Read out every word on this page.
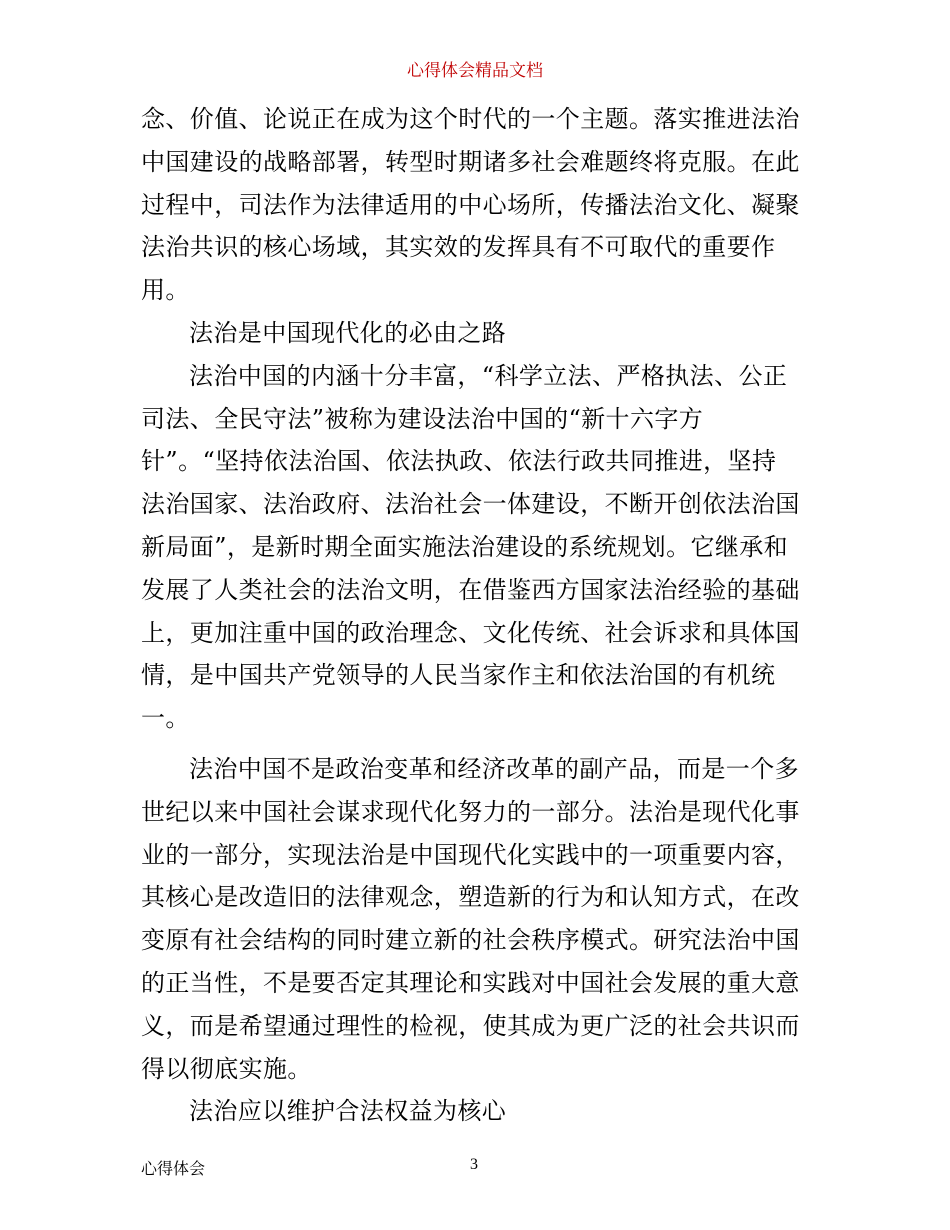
心得体会精品文档
念、价值、论说正在成为这个时代的一个主题。落实推进法治
中国建设的战略部署，转型时期诸多社会难题终将克服。在此
过程中，司法作为法律适用的中心场所，传播法治文化、凝聚
法治共识的核心场域，其实效的发挥具有不可取代的重要作
用。
法治是中国现代化的必由之路
法治中国的内涵十分丰富，“科学立法、严格执法、公正
司法、全民守法”被称为建设法治中国的“新十六字方
针”。“坚持依法治国、依法执政、依法行政共同推进，坚持
法治国家、法治政府、法治社会一体建设，不断开创依法治国
新局面”，是新时期全面实施法治建设的系统规划。它继承和
发展了人类社会的法治文明，在借鉴西方国家法治经验的基础
上，更加注重中国的政治理念、文化传统、社会诉求和具体国
情，是中国共产党领导的人民当家作主和依法治国的有机统
一。
法治中国不是政治变革和经济改革的副产品，而是一个多
世纪以来中国社会谋求现代化努力的一部分。法治是现代化事
业的一部分，实现法治是中国现代化实践中的一项重要内容，
其核心是改造旧的法律观念，塑造新的行为和认知方式，在改
变原有社会结构的同时建立新的社会秩序模式。研究法治中国
的正当性，不是要否定其理论和实践对中国社会发展的重大意
义，而是希望通过理性的检视，使其成为更广泛的社会共识而
得以彻底实施。
法治应以维护合法权益为核心
心得体会	3
